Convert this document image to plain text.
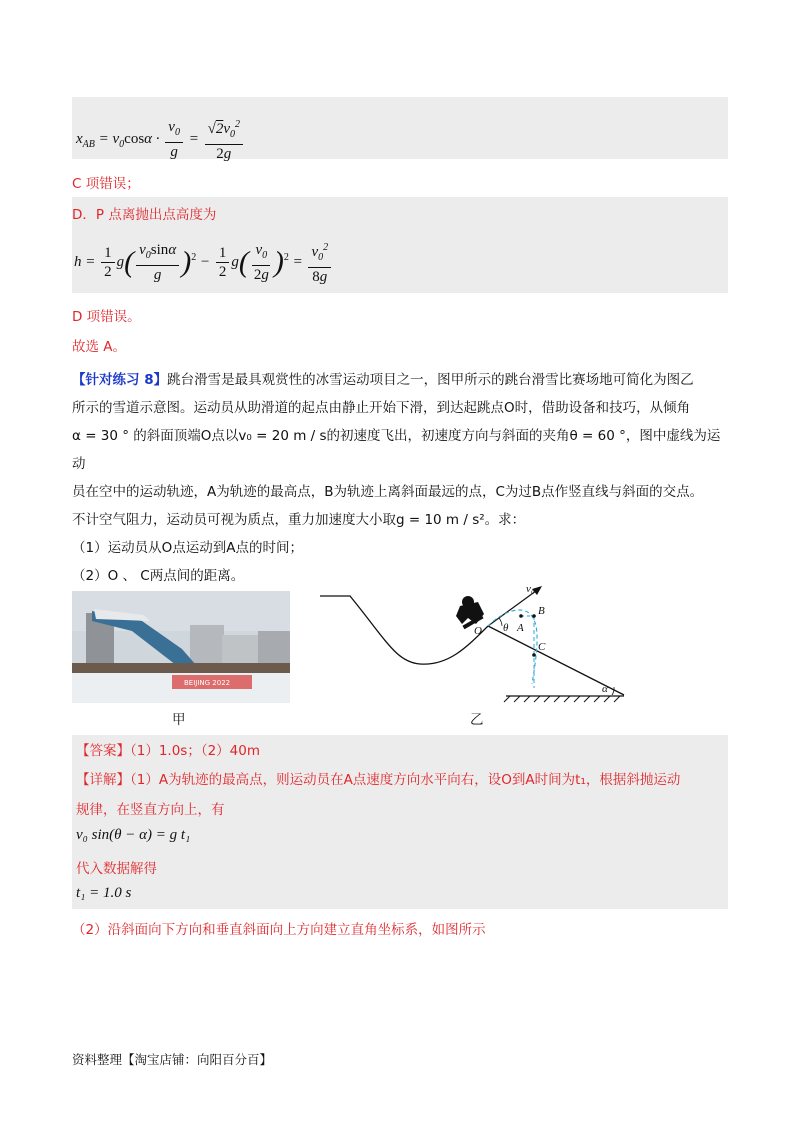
$x_{AB} = v_0\cos\alpha \cdot \frac{v_0}{g} = \frac{√2v_0^2}{2g}$
C 项错误；
D．P 点离抛出点高度为
$h = \frac{1}{2} g( \frac{v_0\sin\alpha}{g} )^2 - \frac{1}{2} g( \frac{v_0}{2g} )^2 = \frac{v_0^2}{8g}$
D 项错误。
故选 A。
【针对练习 8】跳台滑雪是最具观赏性的冰雪运动项目之一，图甲所示的跳台滑雪比赛场地可简化为图乙
所示的雪道示意图。运动员从助滑道的起点由静止开始下滑，到达起跳点O时，借助设备和技巧，从倾角
α = 30 ° 的斜面顶端O点以v₀ = 20 m / s的初速度飞出，初速度方向与斜面的夹角θ = 60 °，图中虚线为运动
员在空中的运动轨迹，A为轨迹的最高点，B为轨迹上离斜面最远的点，C为过B点作竖直线与斜面的交点。
不计空气阻力，运动员可视为质点，重力加速度大小取g = 10 m / s²。求：
（1）运动员从O点运动到A点的时间；
（2）O 、 C两点间的距离。
BEIJING 2022
甲
v₀
B
O θ A
C
α
乙
【答案】（1）1.0s；（2）40m
【详解】（1）A为轨迹的最高点，则运动员在A点速度方向水平向右，设O到A时间为t₁，根据斜抛运动
规律，在竖直方向上，有
v₀ sin(θ − α) = g t₁
代入数据解得
t₁ = 1.0 s
（2）沿斜面向下方向和垂直斜面向上方向建立直角坐标系，如图所示
资料整理【淘宝店铺：向阳百分百】
